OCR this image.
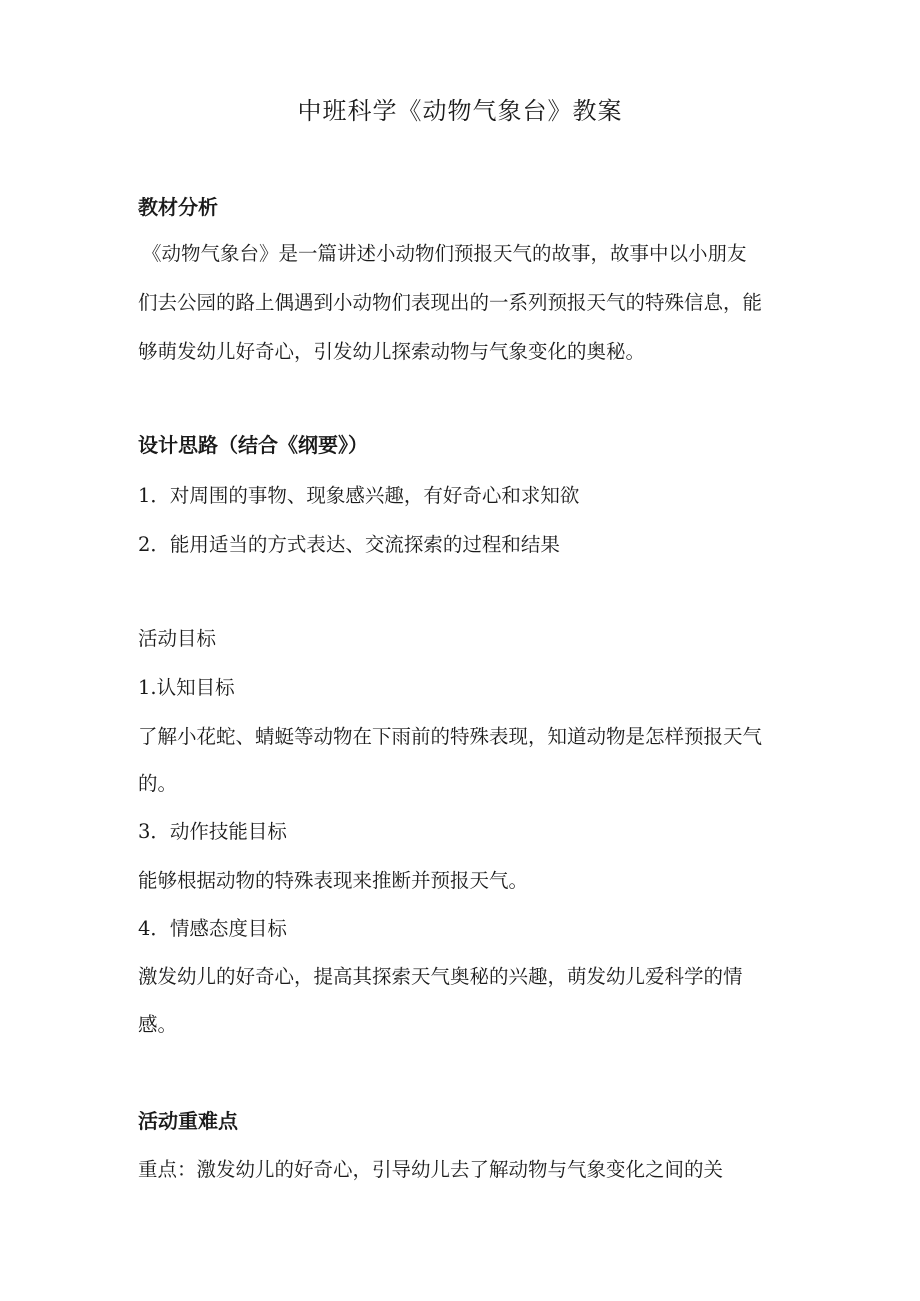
中班科学《动物气象台》教案
教材分析
《动物气象台》是一篇讲述小动物们预报天气的故事，故事中以小朋友
们去公园的路上偶遇到小动物们表现出的一系列预报天气的特殊信息，能
够萌发幼儿好奇心，引发幼儿探索动物与气象变化的奥秘。
设计思路（结合《纲要》）
1．对周围的事物、现象感兴趣，有好奇心和求知欲
2．能用适当的方式表达、交流探索的过程和结果
活动目标
1.认知目标
了解小花蛇、蜻蜓等动物在下雨前的特殊表现，知道动物是怎样预报天气
的。
3．动作技能目标
能够根据动物的特殊表现来推断并预报天气。
4．情感态度目标
激发幼儿的好奇心，提高其探索天气奥秘的兴趣，萌发幼儿爱科学的情
感。
活动重难点
重点：激发幼儿的好奇心，引导幼儿去了解动物与气象变化之间的关
